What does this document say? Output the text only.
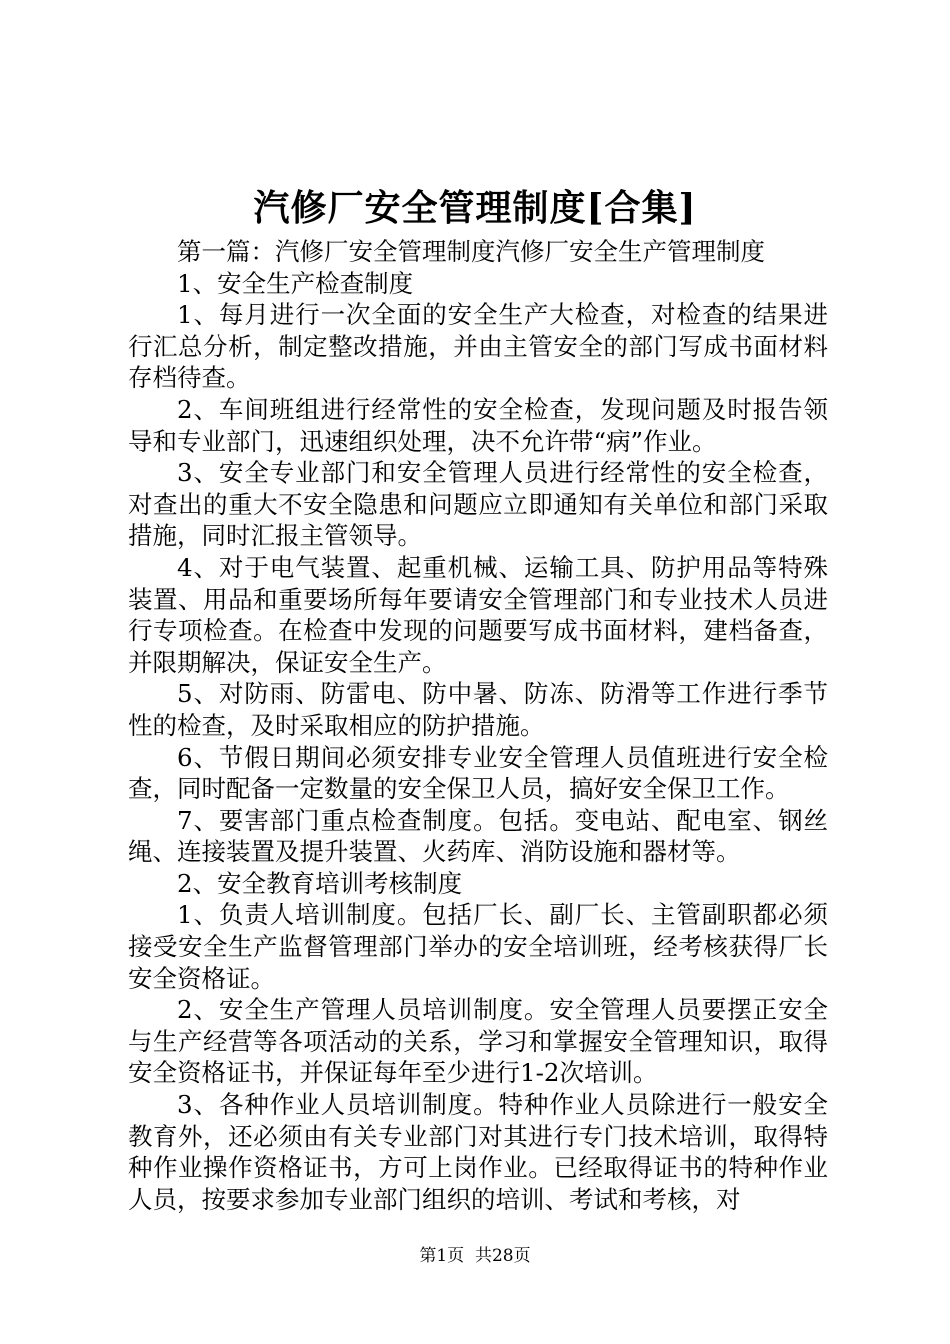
汽修厂安全管理制度[合集]

第一篇：汽修厂安全管理制度汽修厂安全生产管理制度

1、安全生产检查制度

1、每月进行一次全面的安全生产大检查，对检查的结果进行汇总分析，制定整改措施，并由主管安全的部门写成书面材料存档待查。

2、车间班组进行经常性的安全检查，发现问题及时报告领导和专业部门，迅速组织处理，决不允许带“病”作业。

3、安全专业部门和安全管理人员进行经常性的安全检查，对查出的重大不安全隐患和问题应立即通知有关单位和部门采取措施，同时汇报主管领导。

4、对于电气装置、起重机械、运输工具、防护用品等特殊装置、用品和重要场所每年要请安全管理部门和专业技术人员进行专项检查。在检查中发现的问题要写成书面材料，建档备查，并限期解决，保证安全生产。

5、对防雨、防雷电、防中暑、防冻、防滑等工作进行季节性的检查，及时采取相应的防护措施。

6、节假日期间必须安排专业安全管理人员值班进行安全检查，同时配备一定数量的安全保卫人员，搞好安全保卫工作。

7、要害部门重点检查制度。包括。变电站、配电室、钢丝绳、连接装置及提升装置、火药库、消防设施和器材等。

2、安全教育培训考核制度

1、负责人培训制度。包括厂长、副厂长、主管副职都必须接受安全生产监督管理部门举办的安全培训班，经考核获得厂长安全资格证。

2、安全生产管理人员培训制度。安全管理人员要摆正安全与生产经营等各项活动的关系，学习和掌握安全管理知识，取得安全资格证书，并保证每年至少进行1-2次培训。

3、各种作业人员培训制度。特种作业人员除进行一般安全教育外，还必须由有关专业部门对其进行专门技术培训，取得特种作业操作资格证书，方可上岗作业。已经取得证书的特种作业人员，按要求参加专业部门组织的培训、考试和考核，对

第1页  共28页
